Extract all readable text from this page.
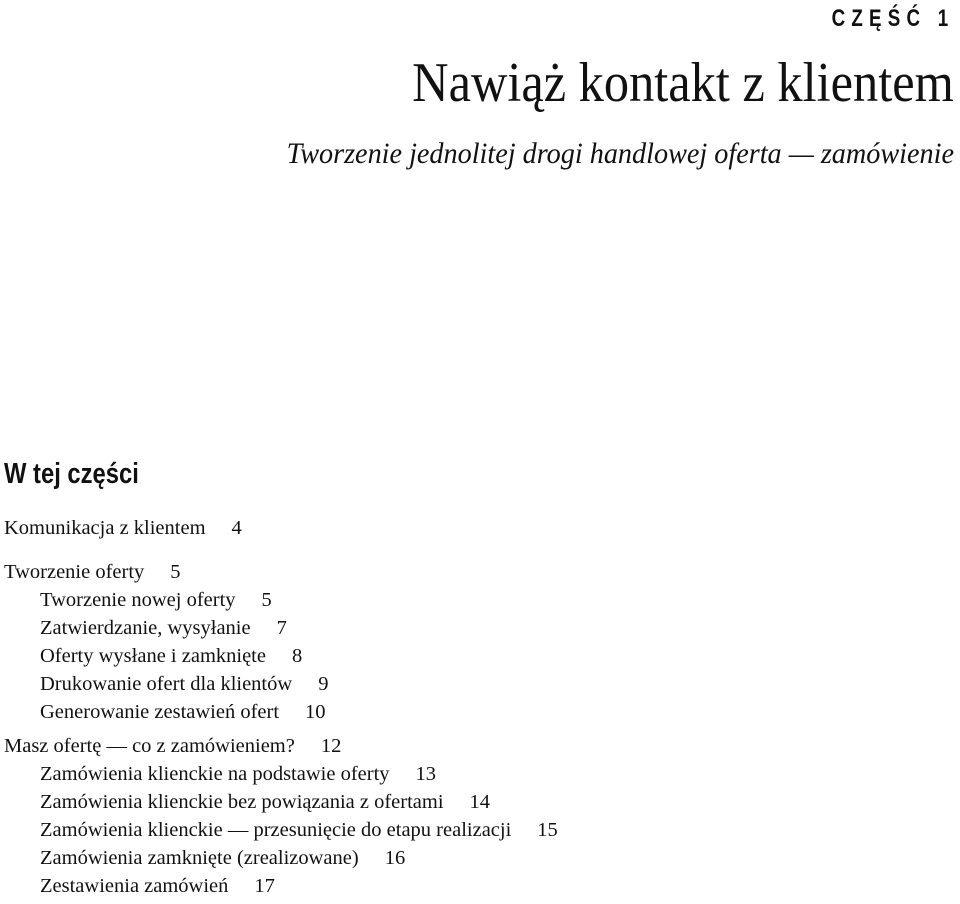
CZĘŚĆ 1
Nawiąż kontakt z klientem
Tworzenie jednolitej drogi handlowej oferta — zamówienie
W tej części
Komunikacja z klientem 4
Tworzenie oferty 5
Tworzenie nowej oferty 5
Zatwierdzanie, wysyłanie 7
Oferty wysłane i zamknięte 8
Drukowanie ofert dla klientów 9
Generowanie zestawień ofert 10
Masz ofertę — co z zamówieniem? 12
Zamówienia klienckie na podstawie oferty 13
Zamówienia klienckie bez powiązania z ofertami 14
Zamówienia klienckie — przesunięcie do etapu realizacji 15
Zamówienia zamknięte (zrealizowane) 16
Zestawienia zamówień 17
